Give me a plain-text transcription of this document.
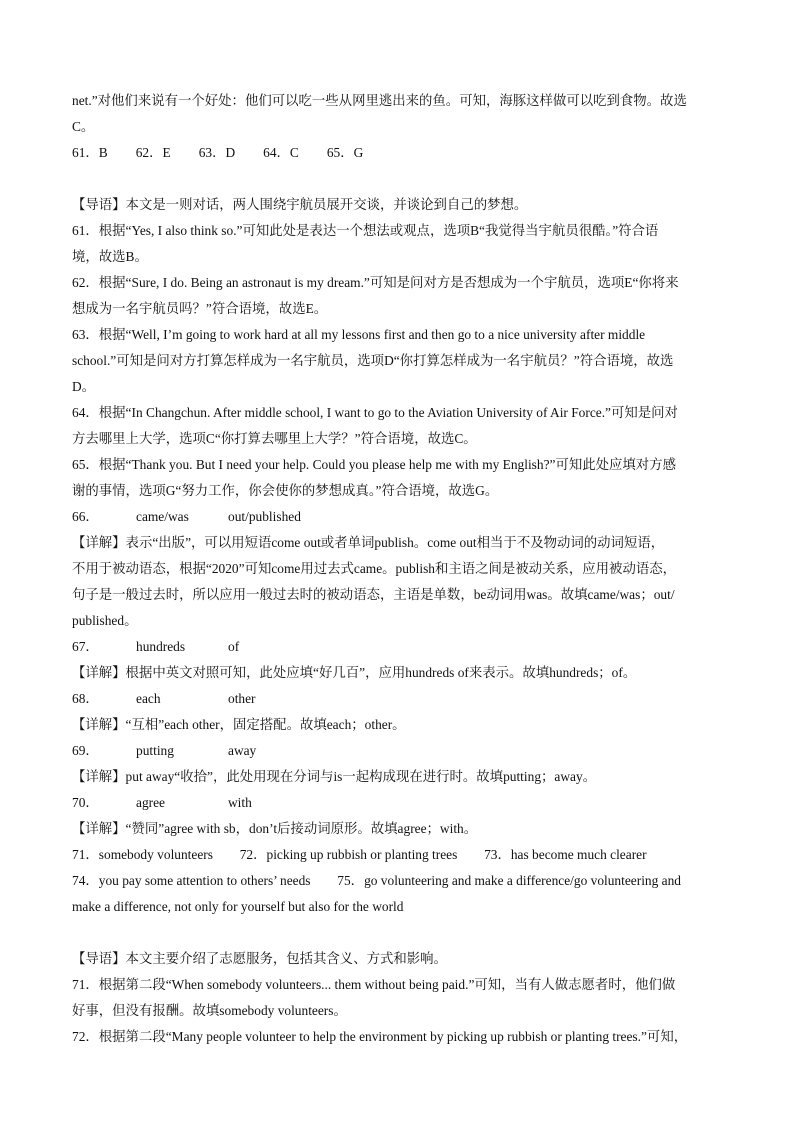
net.”对他们来说有一个好处：他们可以吃一些从网里逃出来的鱼。可知，海豚这样做可以吃到食物。故选
C。
61．B 62．E 63．D 64．C 65．G
【导语】本文是一则对话，两人围绕宇航员展开交谈，并谈论到自己的梦想。
61．根据“Yes, I also think so.”可知此处是表达一个想法或观点，选项B“我觉得当宇航员很酷。”符合语
境，故选B。
62．根据“Sure, I do. Being an astronaut is my dream.”可知是问对方是否想成为一个宇航员，选项E“你将来
想成为一名宇航员吗？”符合语境，故选E。
63．根据“Well, I’m going to work hard at all my lessons first and then go to a nice university after middle
school.”可知是问对方打算怎样成为一名宇航员，选项D“你打算怎样成为一名宇航员？”符合语境，故选
D。
64．根据“In Changchun. After middle school, I want to go to the Aviation University of Air Force.”可知是问对
方去哪里上大学，选项C“你打算去哪里上大学？”符合语境，故选C。
65．根据“Thank you. But I need your help. Could you please help me with my English?”可知此处应填对方感
谢的事情，选项G“努力工作，你会使你的梦想成真。”符合语境，故选G。
66．	came/was	out/published
【详解】表示“出版”，可以用短语come out或者单词publish。come out相当于不及物动词的动词短语，
不用于被动语态，根据“2020”可知come用过去式came。publish和主语之间是被动关系，应用被动语态，
句子是一般过去时，所以应用一般过去时的被动语态，主语是单数，be动词用was。故填came/was；out/
published。
67．	hundreds	of
【详解】根据中英文对照可知，此处应填“好几百”，应用hundreds of来表示。故填hundreds；of。
68．	each	other
【详解】“互相”each other，固定搭配。故填each；other。
69．	putting	away
【详解】put away“收拾”，此处用现在分词与is一起构成现在进行时。故填putting；away。
70．	agree	with
【详解】“赞同”agree with sb，don’t后接动词原形。故填agree；with。
71．somebody volunteers        72．picking up rubbish or planting trees        73．has become much clearer
74．you pay some attention to others’ needs        75．go volunteering and make a difference/go volunteering and
make a difference, not only for yourself but also for the world
【导语】本文主要介绍了志愿服务，包括其含义、方式和影响。
71．根据第二段“When somebody volunteers... them without being paid.”可知，当有人做志愿者时，他们做
好事，但没有报酬。故填somebody volunteers。
72．根据第二段“Many people volunteer to help the environment by picking up rubbish or planting trees.”可知，
